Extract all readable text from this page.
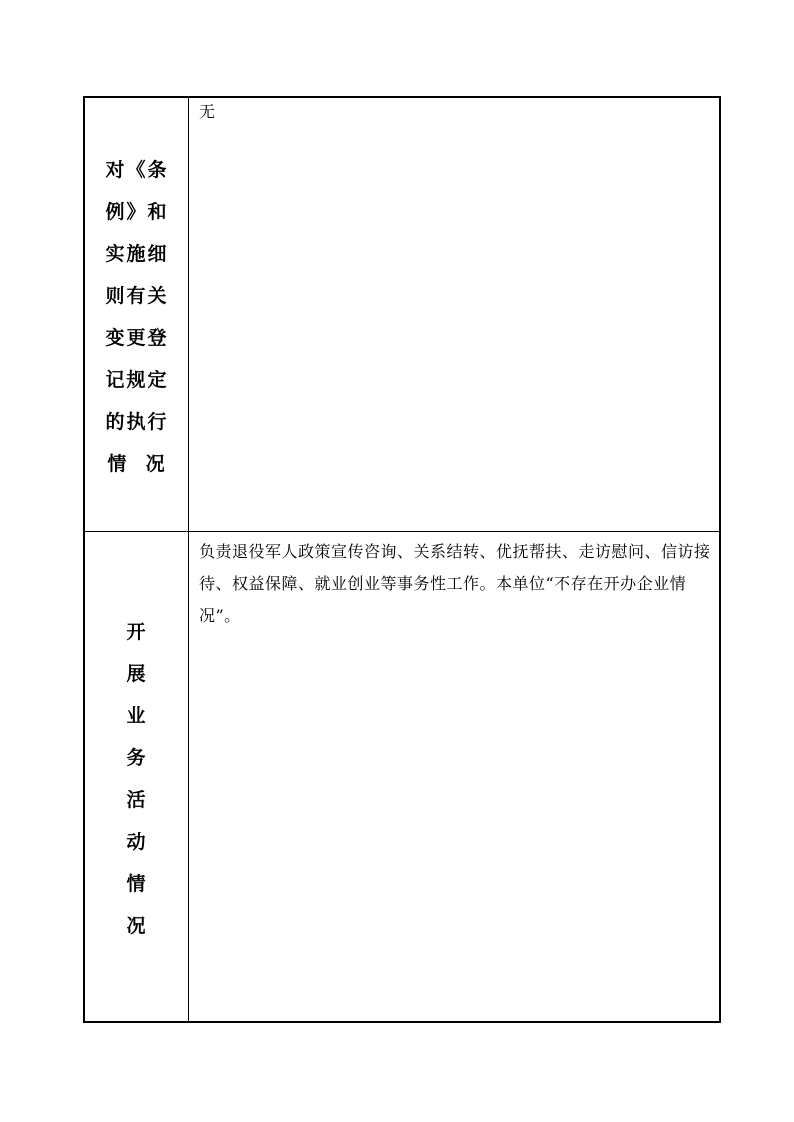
对《条
例》和
实施细
则有关
变更登
记规定
的执行
情  况

无

开
展
业
务
活
动
情
况

负责退役军人政策宣传咨询、关系结转、优抚帮扶、走访慰问、信访接待、权益保障、就业创业等事务性工作。本单位“不存在开办企业情况”。
